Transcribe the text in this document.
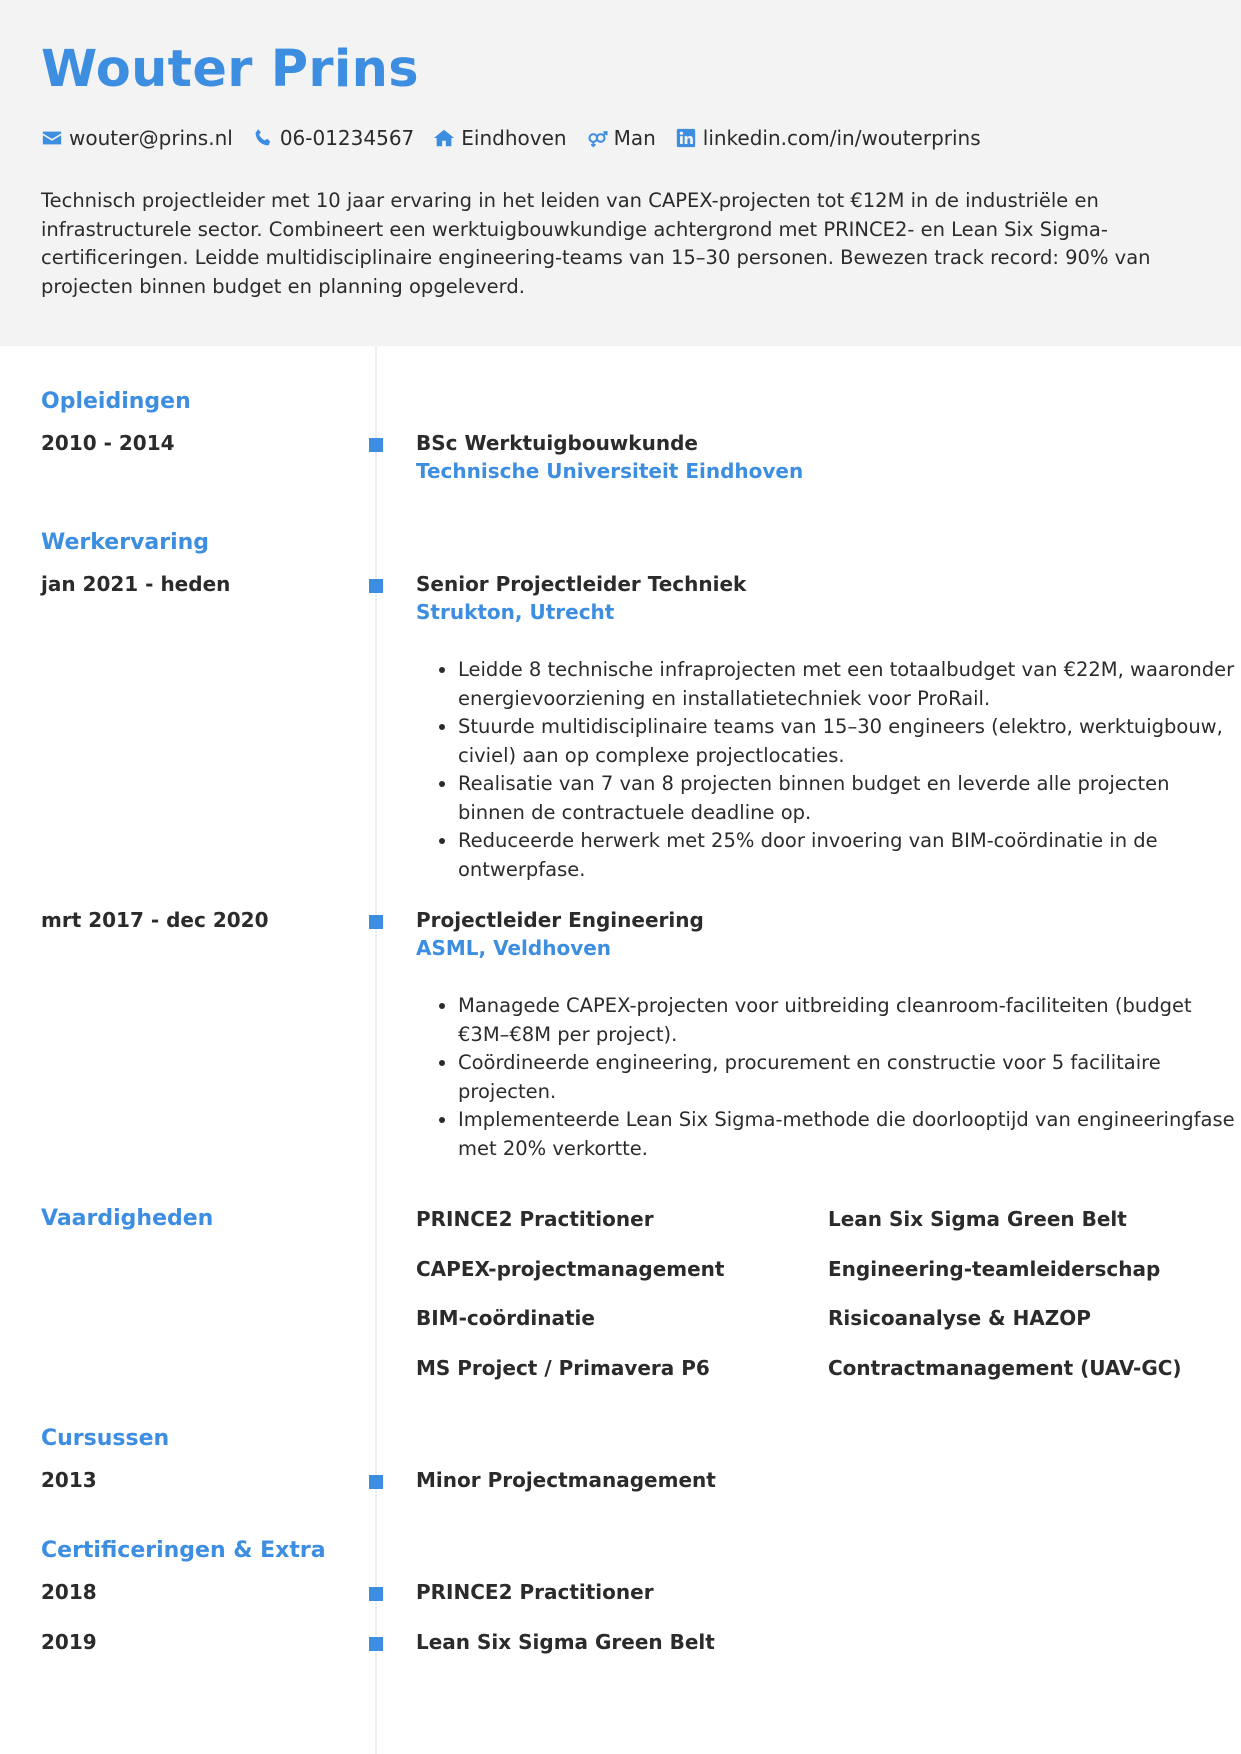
Wouter Prins
wouter@prins.nl 06-01234567 Eindhoven Man linkedin.com/in/wouterprins

Technisch projectleider met 10 jaar ervaring in het leiden van CAPEX-projecten tot €12M in de industriële en infrastructurele sector. Combineert een werktuigbouwkundige achtergrond met PRINCE2- en Lean Six Sigma-certificeringen. Leidde multidisciplinaire engineering-teams van 15–30 personen. Bewezen track record: 90% van projecten binnen budget en planning opgeleverd.

Opleidingen
2010 - 2014	BSc Werktuigbouwkunde
Technische Universiteit Eindhoven
Werkervaring
jan 2021 - heden	Senior Projectleider Techniek
Strukton, Utrecht
• Leidde 8 technische infraprojecten met een totaalbudget van €22M, waaronder energievoorziening en installatietechniek voor ProRail.
• Stuurde multidisciplinaire teams van 15–30 engineers (elektro, werktuigbouw, civiel) aan op complexe projectlocaties.
• Realisatie van 7 van 8 projecten binnen budget en leverde alle projecten binnen de contractuele deadline op.
• Reduceerde herwerk met 25% door invoering van BIM-coördinatie in de ontwerpfase.
mrt 2017 - dec 2020	Projectleider Engineering
ASML, Veldhoven
• Managede CAPEX-projecten voor uitbreiding cleanroom-faciliteiten (budget €3M–€8M per project).
• Coördineerde engineering, procurement en constructie voor 5 facilitaire projecten.
• Implementeerde Lean Six Sigma-methode die doorlooptijd van engineeringfase met 20% verkortte.
Vaardigheden	PRINCE2 Practitioner	Lean Six Sigma Green Belt
CAPEX-projectmanagement	Engineering-teamleiderschap
BIM-coördinatie	Risicoanalyse & HAZOP
MS Project / Primavera P6	Contractmanagement (UAV-GC)
Cursussen
2013	Minor Projectmanagement
Certificeringen & Extra
2018	PRINCE2 Practitioner
2019	Lean Six Sigma Green Belt
